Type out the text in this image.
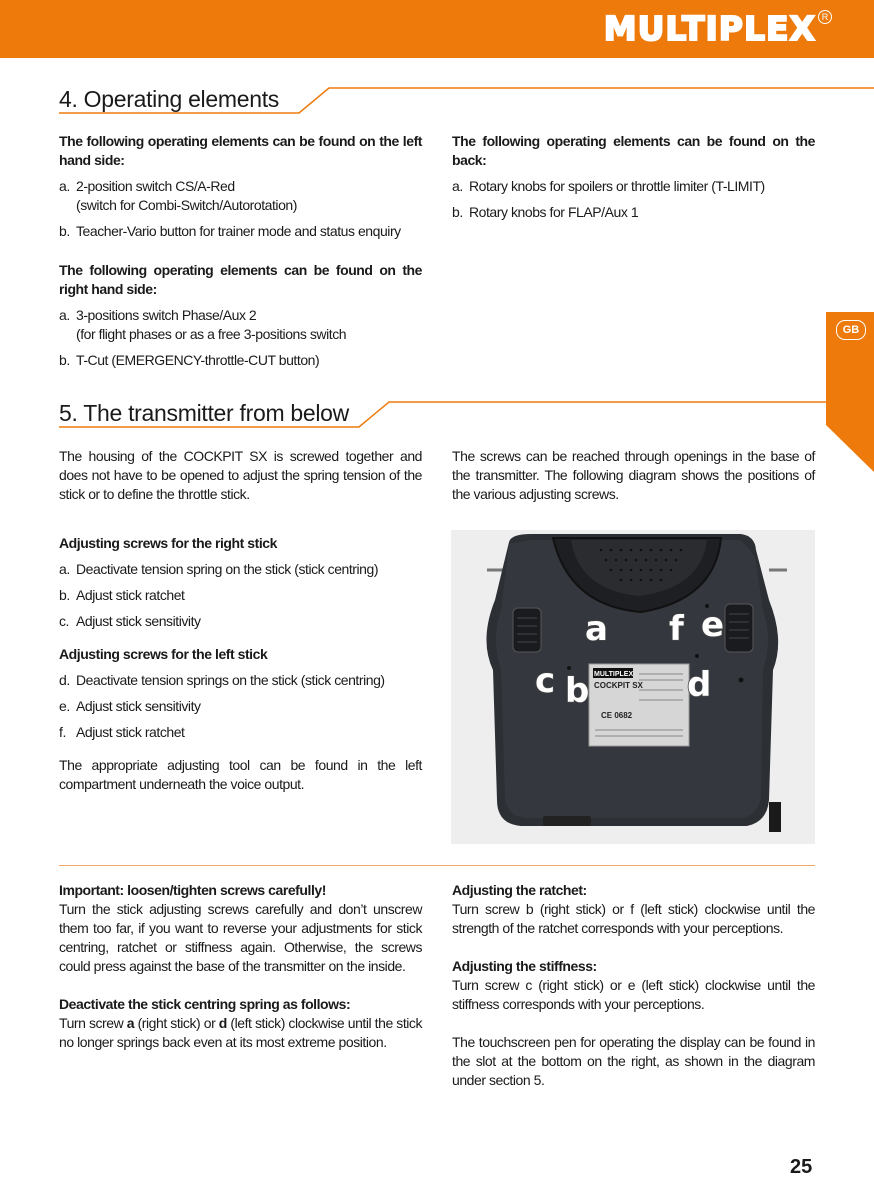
MULTIPLEX R
GB
4. Operating elements

The following operating elements can be found on the left hand side:

a. 2-position switch CS/A-Red
(switch for Combi-Switch/Autorotation)
b. Teacher-Vario button for trainer mode and status enquiry

The following operating elements can be found on the right hand side:

a. 3-positions switch Phase/Aux 2
(for flight phases or as a free 3-positions switch
b. T-Cut (EMERGENCY-throttle-CUT button)

The following operating elements can be found on the back:

a. Rotary knobs for spoilers or throttle limiter (T-LIMIT)
b. Rotary knobs for FLAP/Aux 1
5. The transmitter from below

The housing of the COCKPIT SX is screwed together and does not have to be opened to adjust the spring tension of the stick or to define the throttle stick.

Adjusting screws for the right stick

a. Deactivate tension spring on the stick (stick centring)
b. Adjust stick ratchet
c. Adjust stick sensitivity

Adjusting screws for the left stick

d. Deactivate tension springs on the stick (stick centring)
e. Adjust stick sensitivity
f. Adjust stick ratchet

The appropriate adjusting tool can be found in the left compartment underneath the voice output.

The screws can be reached through openings in the base of the transmitter. The following diagram shows the positions of the various adjusting screws.

MULTIPLEX
COCKPIT SX
CE 0682
a f e
c b	d

Important: loosen/tighten screws carefully!

Turn the stick adjusting screws carefully and don’t unscrew them too far, if you want to reverse your adjustments for stick centring, ratchet or stiffness again. Otherwise, the screws could press against the base of the transmitter on the inside.

Deactivate the stick centring spring as follows:

Turn screw a (right stick) or d (left stick) clockwise until the stick no longer springs back even at its most extreme position.

Adjusting the ratchet:

Turn screw b (right stick) or f (left stick) clockwise until the strength of the ratchet corresponds with your perceptions.

Adjusting the stiffness:

Turn screw c (right stick) or e (left stick) clockwise until the stiffness corresponds with your perceptions.

The touchscreen pen for operating the display can be found in the slot at the bottom on the right, as shown in the diagram under section 5.

25
